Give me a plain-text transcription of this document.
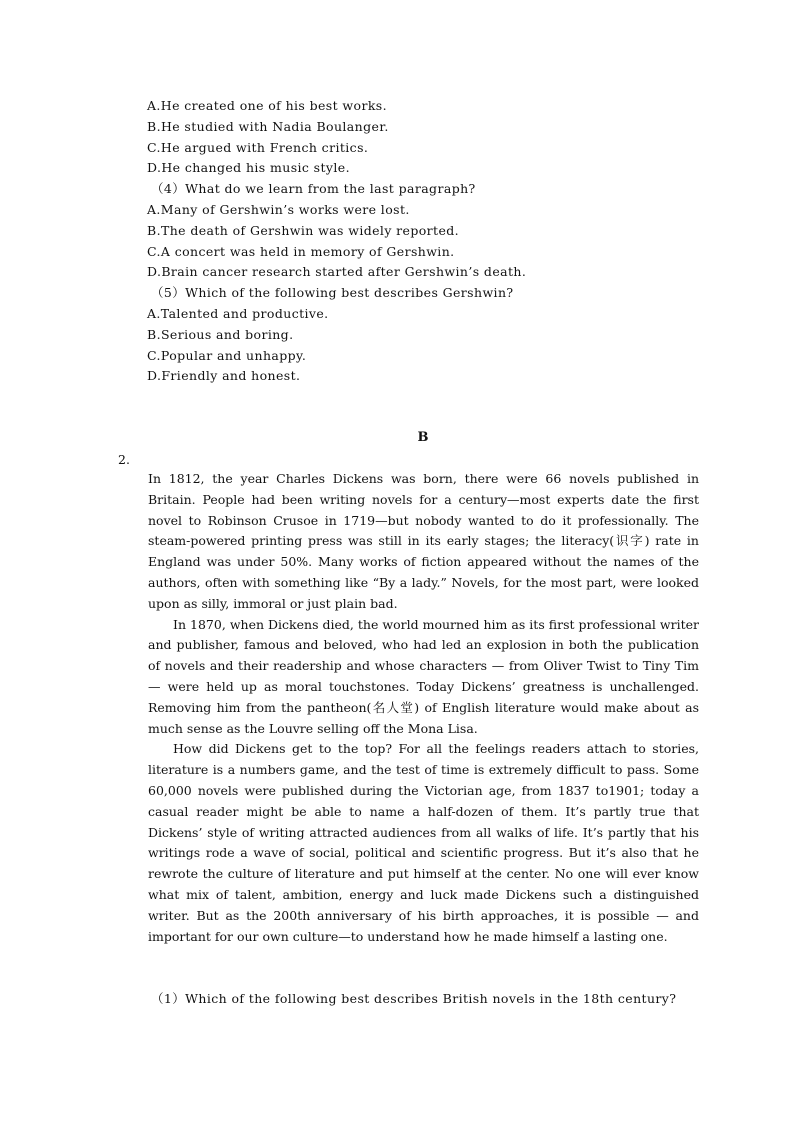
A.He created one of his best works.
B.He studied with Nadia Boulanger.
C.He argued with French critics.
D.He changed his music style.
（4）What do we learn from the last paragraph?
A.Many of Gershwin’s works were lost.
B.The death of Gershwin was widely reported.
C.A concert was held in memory of Gershwin.
D.Brain cancer research started after Gershwin’s death.
（5）Which of the following best describes Gershwin?
A.Talented and productive.
B.Serious and boring.
C.Popular and unhappy.
D.Friendly and honest.
B
2.

In 1812, the year Charles Dickens was born, there were 66 novels published in Britain. People had been writing novels for a century—most experts date the first novel to Robinson Crusoe in 1719—but nobody wanted to do it professionally. The steam-powered printing press was still in its early stages; the literacy(识字) rate in England was under 50%. Many works of fiction appeared without the names of the authors, often with something like “By a lady.” Novels, for the most part, were looked upon as silly, immoral or just plain bad.

In 1870, when Dickens died, the world mourned him as its first professional writer and publisher, famous and beloved, who had led an explosion in both the publication of novels and their readership and whose characters — from Oliver Twist to Tiny Tim— were held up as moral touchstones. Today Dickens’ greatness is unchallenged. Removing him from the pantheon(名人堂) of English literature would make about as much sense as the Louvre selling off the Mona Lisa.

How did Dickens get to the top? For all the feelings readers attach to stories, literature is a numbers game, and the test of time is extremely difficult to pass. Some 60,000 novels were published during the Victorian age, from 1837 to1901; today a casual reader might be able to name a half-dozen of them. It’s partly true that Dickens’ style of writing attracted audiences from all walks of life. It’s partly that his writings rode a wave of social, political and scientific progress. But it’s also that he rewrote the culture of literature and put himself at the center. No one will ever know what mix of talent, ambition, energy and luck made Dickens such a distinguished writer. But as the 200th anniversary of his birth approaches, it is possible — and important for our own culture—to understand how he made himself a lasting one.

（1）Which of the following best describes British novels in the 18th century?
